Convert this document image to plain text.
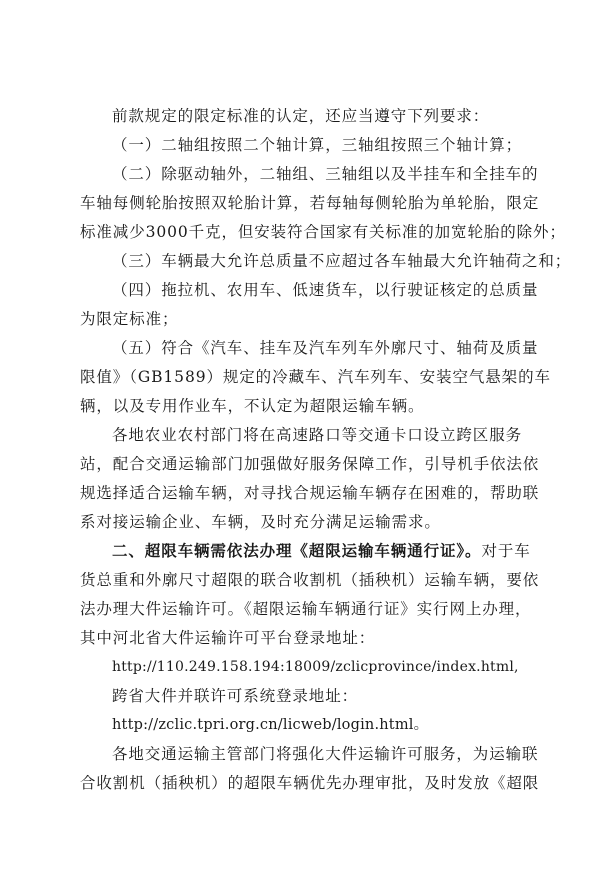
前款规定的限定标准的认定，还应当遵守下列要求：
（一）二轴组按照二个轴计算，三轴组按照三个轴计算；
（二）除驱动轴外，二轴组、三轴组以及半挂车和全挂车的
车轴每侧轮胎按照双轮胎计算，若每轴每侧轮胎为单轮胎，限定
标准减少3000千克，但安装符合国家有关标准的加宽轮胎的除外；
（三）车辆最大允许总质量不应超过各车轴最大允许轴荷之和；
（四）拖拉机、农用车、低速货车，以行驶证核定的总质量
为限定标准；
（五）符合《汽车、挂车及汽车列车外廓尺寸、轴荷及质量
限值》（GB1589）规定的冷藏车、汽车列车、安装空气悬架的车
辆，以及专用作业车，不认定为超限运输车辆。
各地农业农村部门将在高速路口等交通卡口设立跨区服务
站，配合交通运输部门加强做好服务保障工作，引导机手依法依
规选择适合运输车辆，对寻找合规运输车辆存在困难的，帮助联
系对接运输企业、车辆，及时充分满足运输需求。
二、超限车辆需依法办理《超限运输车辆通行证》。对于车
货总重和外廓尺寸超限的联合收割机（插秧机）运输车辆，要依
法办理大件运输许可。《超限运输车辆通行证》实行网上办理，
其中河北省大件运输许可平台登录地址：
http://110.249.158.194:18009/zclicprovince/index.html,
跨省大件并联许可系统登录地址：
http://zclic.tpri.org.cn/licweb/login.html。
各地交通运输主管部门将强化大件运输许可服务，为运输联
合收割机（插秧机）的超限车辆优先办理审批，及时发放《超限
